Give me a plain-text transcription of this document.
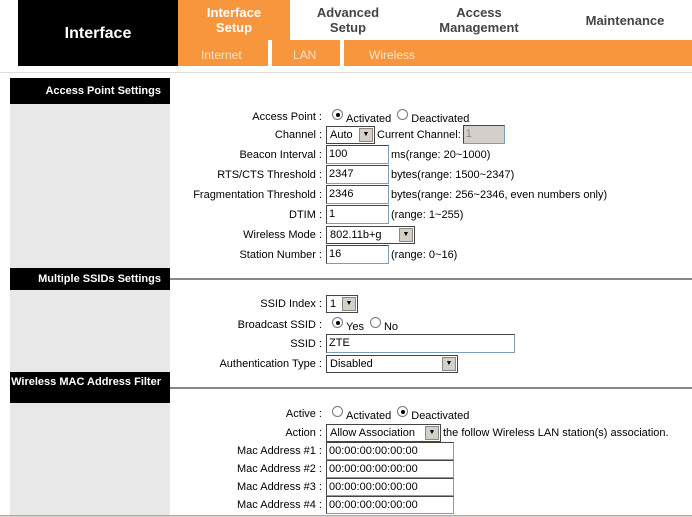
Interface
Interface
Setup
Advanced
Setup
Access
Management	Maintenance
Internet	LAN	Wireless
Access Point Settings
Access Point :	Activated Deactivated
Channel : Auto	▼ Current Channel: 1
Beacon Interval : 100	ms(range: 20~1000)
RTS/CTS Threshold : 2347	bytes(range: 1500~2347)
Fragmentation Threshold : 2346	bytes(range: 256~2346, even numbers only)
DTIM : 1	(range: 1~255)
Wireless Mode : 802.11b+g	▼
Station Number : 16	(range: 0~16)
Multiple SSIDs Settings
SSID Index : 1	▼
Broadcast SSID :	Yes No
SSID : ZTE
Authentication Type : Disabled	▼
Wireless MAC Address Filter
Active :	Activated Deactivated
Action : Allow Association	▼ the follow Wireless LAN station(s) association.
Mac Address #1 : 00:00:00:00:00:00
Mac Address #2 : 00:00:00:00:00:00
Mac Address #3 : 00:00:00:00:00:00
Mac Address #4 : 00:00:00:00:00:00
